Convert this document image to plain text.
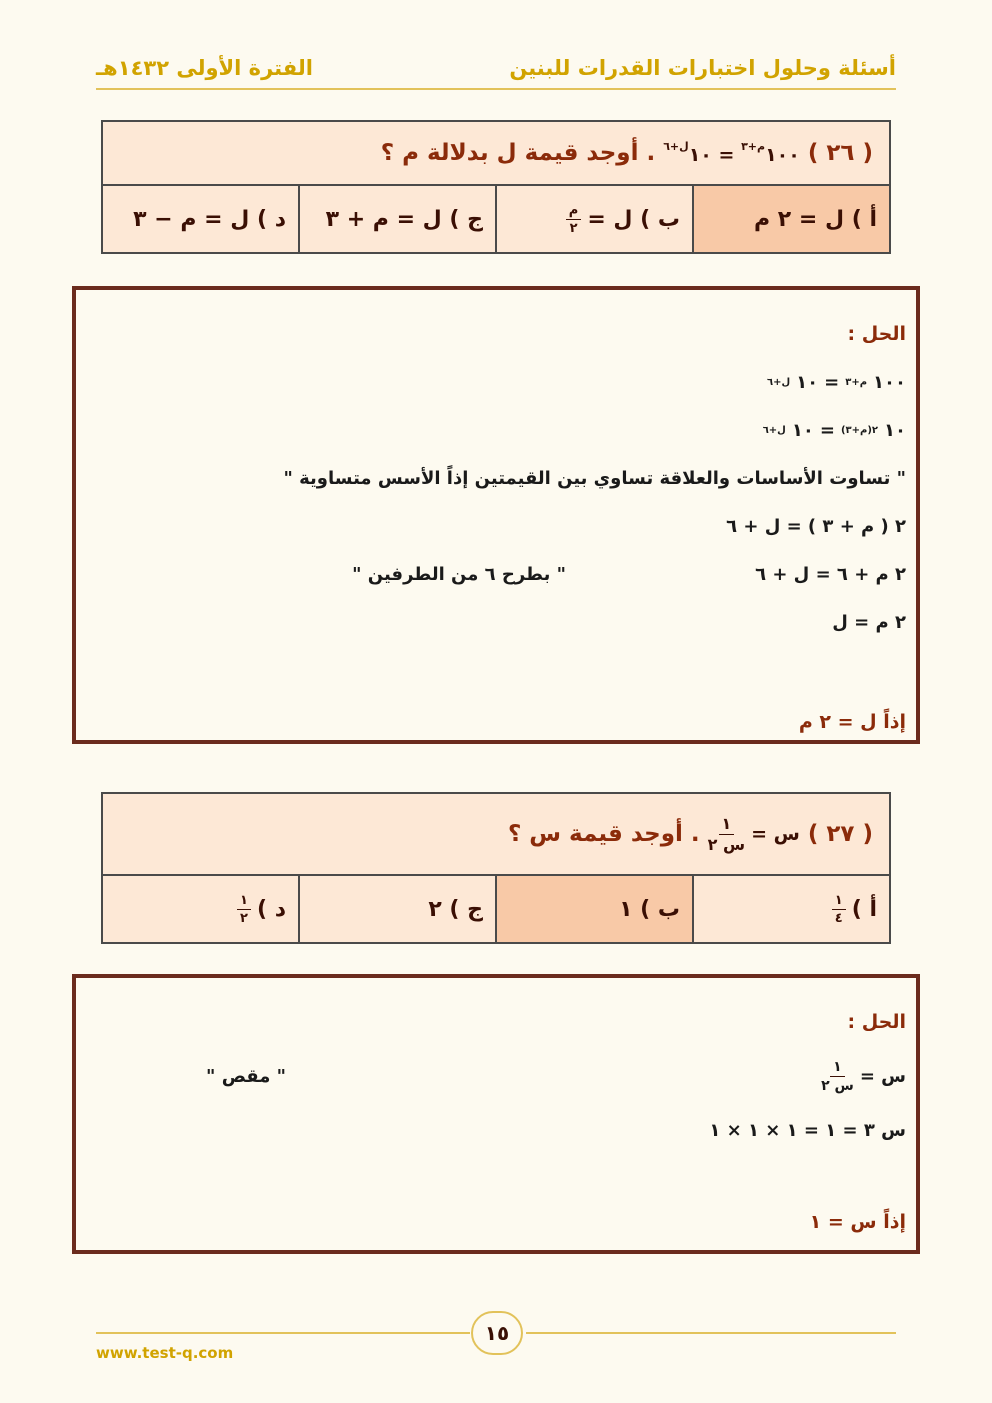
أسئلة وحلول اختبارات القدرات للبنين
الفترة الأولى ١٤٣٢هـ
( ٢٦ )
$١٠٠^{م+٣}$ = $١٠^{ل+٦}$
. أوجد قيمة ل بدلالة م ؟
أ ) ل = ٢ م
ب ) ل =
$\frac{\text{م}}{٢}$
ج ) ل = م + ٣
د ) ل = م − ٣
الحل :
١٠٠
م+٣
=
١٠
ل+٦
١٠
٢(م+٣)
=
١٠
ل+٦
" تساوت الأساسات والعلاقة تساوي بين القيمتين إذاً الأسس متساوية "
٢ ( م + ٣ ) = ل + ٦
٢ م + ٦ = ل + ٦
" بطرح ٦ من الطرفين "
٢ م = ل
إذاً ل = ٢ م
( ٢٧ )
س =
$\frac{١}{\text{س ٢}}$
. أوجد قيمة س ؟
أ )
$\frac{١}{٤}$
ب ) ١
ج ) ٢
د )
$\frac{١}{٢}$
الحل :
س =
$\frac{١}{\text{س ٢}}$
" مقص "
س ٣ = ١ = ١ × ١ × ١
إذاً س = ١
١٥
www.test-q.com
